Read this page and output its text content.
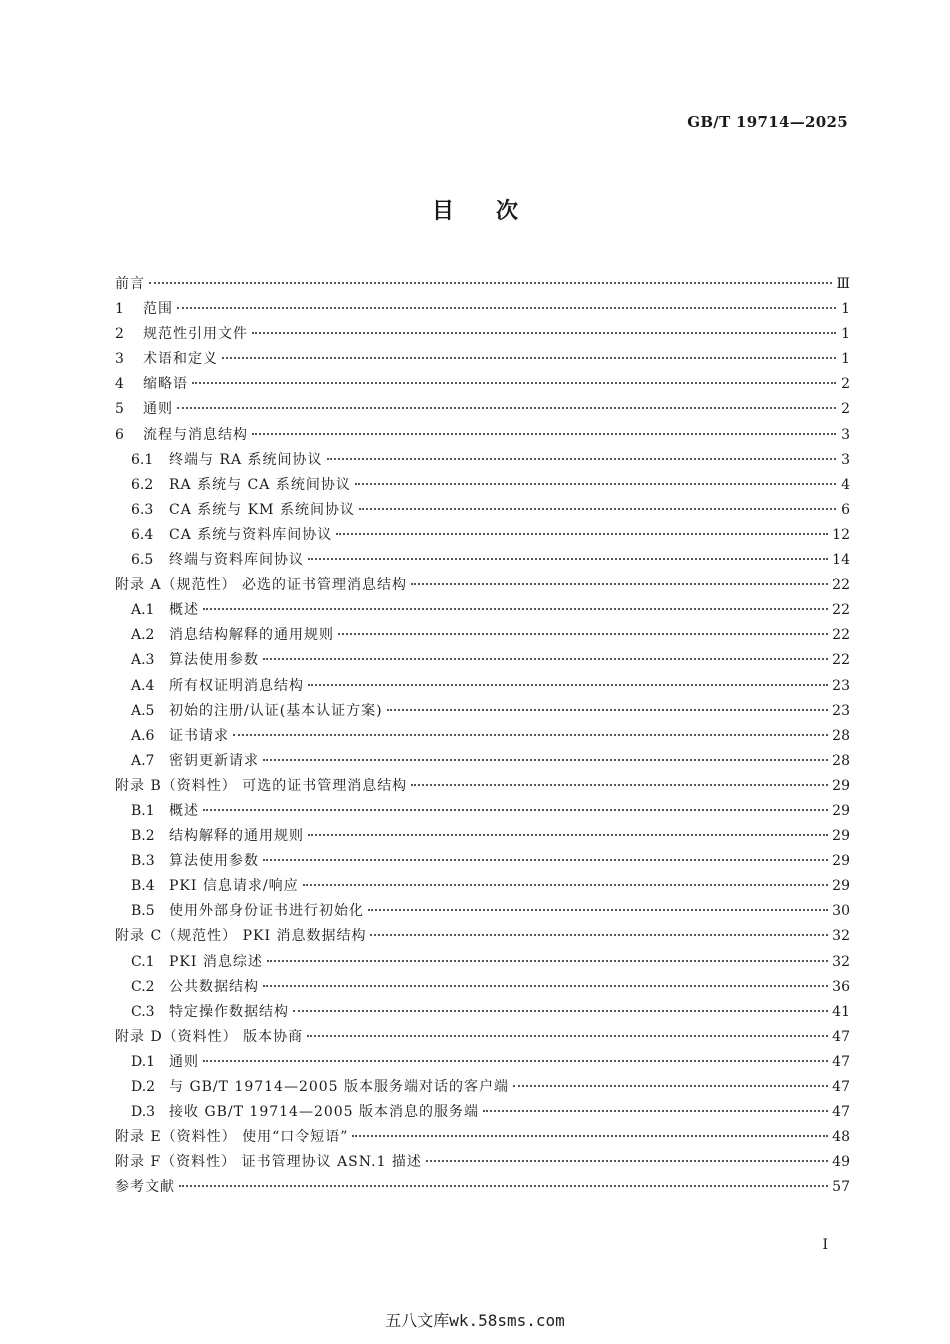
GB/T 19714—2025
目次
前言	Ⅲ
1	范围	1
2	规范性引用文件	1
3	术语和定义	1
4	缩略语	2
5	通则	2
6	流程与消息结构	3
6.1	终端与 RA 系统间协议	3
6.2	RA 系统与 CA 系统间协议	4
6.3	CA 系统与 KM 系统间协议	6
6.4	CA 系统与资料库间协议	12
6.5	终端与资料库间协议	14
附录 A（规范性） 必选的证书管理消息结构	22
A.1	概述	22
A.2	消息结构解释的通用规则	22
A.3	算法使用参数	22
A.4	所有权证明消息结构	23
A.5	初始的注册/认证(基本认证方案)	23
A.6	证书请求	28
A.7	密钥更新请求	28
附录 B（资料性） 可选的证书管理消息结构	29
B.1	概述	29
B.2	结构解释的通用规则	29
B.3	算法使用参数	29
B.4	PKI 信息请求/响应	29
B.5	使用外部身份证书进行初始化	30
附录 C（规范性） PKI 消息数据结构	32
C.1	PKI 消息综述	32
C.2	公共数据结构	36
C.3	特定操作数据结构	41
附录 D（资料性） 版本协商	47
D.1 通则	47
D.2 与 GB/T 19714—2005 版本服务端对话的客户端	47
D.3 接收 GB/T 19714—2005 版本消息的服务端	47
附录 E（资料性） 使用“口令短语”	48
附录 F（资料性） 证书管理协议 ASN.1 描述	49
参考文献	57
I
五八文库wk.58sms.com
